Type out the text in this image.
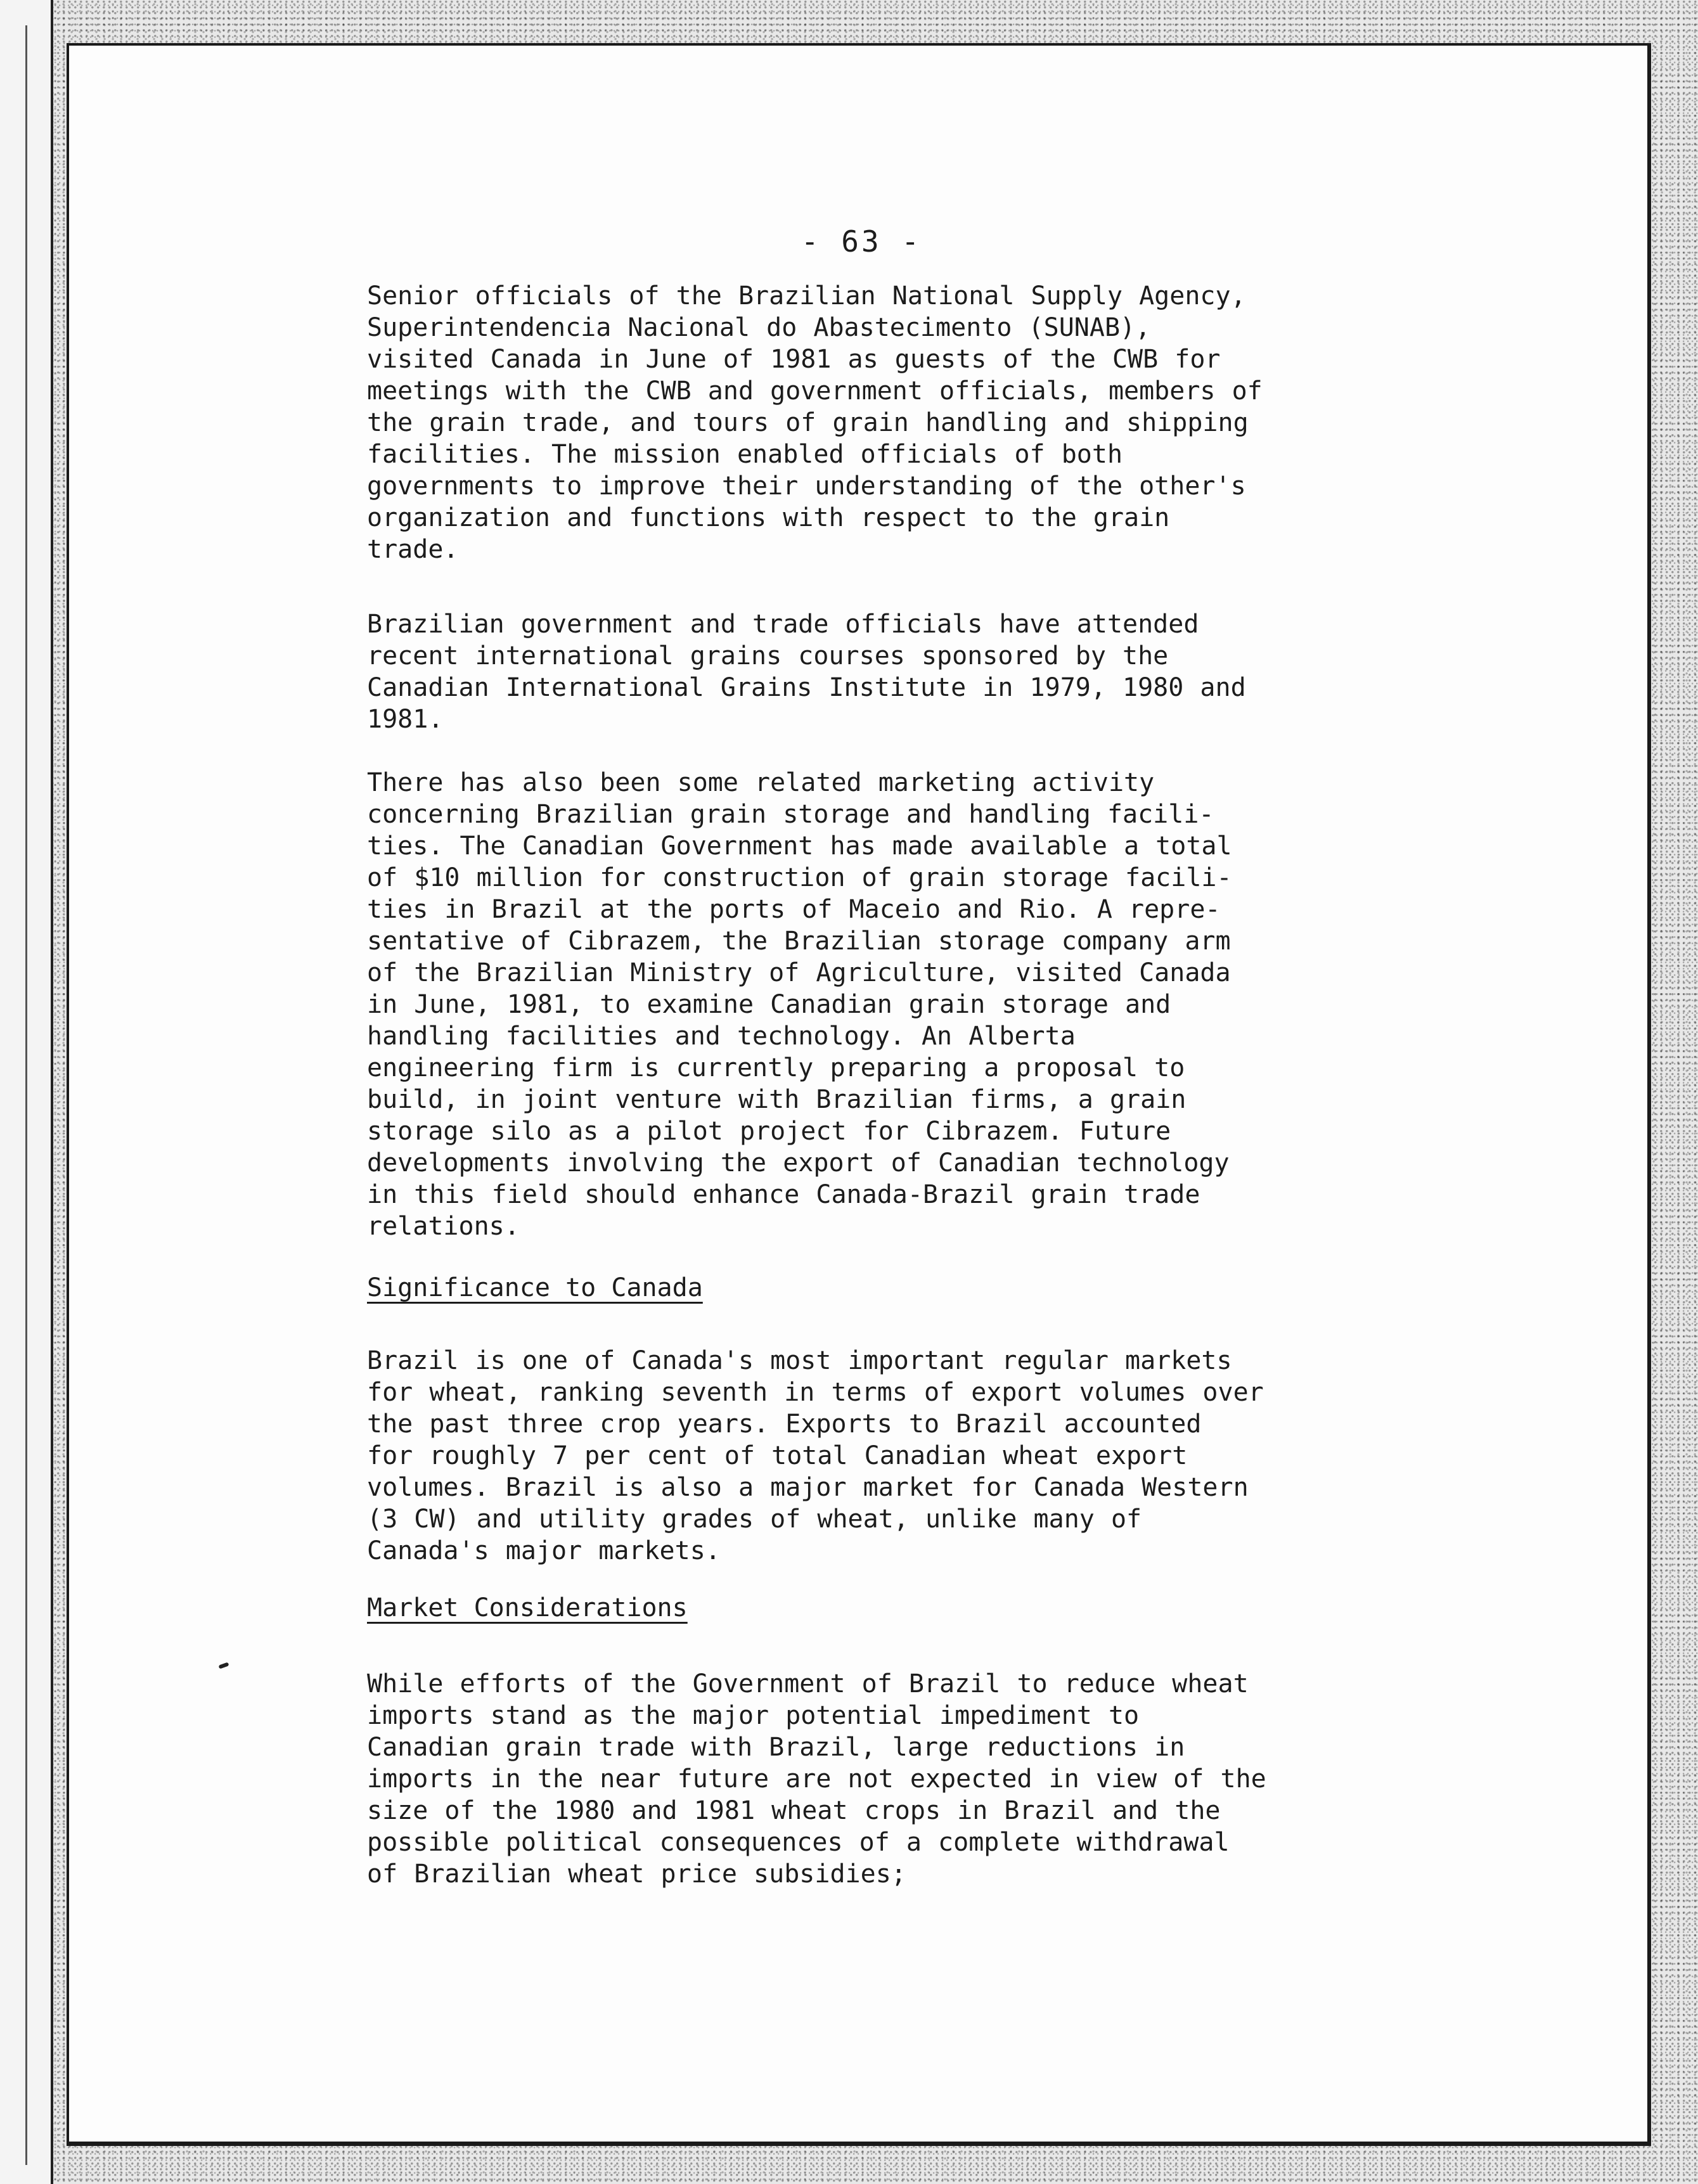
- 63 -

Senior officials of the Brazilian National Supply Agency,
Superintendencia Nacional do Abastecimento (SUNAB),
visited Canada in June of 1981 as guests of the CWB for
meetings with the CWB and government officials, members of
the grain trade, and tours of grain handling and shipping
facilities. The mission enabled officials of both
governments to improve their understanding of the other's
organization and functions with respect to the grain
trade.

Brazilian government and trade officials have attended
recent international grains courses sponsored by the
Canadian International Grains Institute in 1979, 1980 and
1981.

There has also been some related marketing activity
concerning Brazilian grain storage and handling facili-
ties. The Canadian Government has made available a total
of $10 million for construction of grain storage facili-
ties in Brazil at the ports of Maceio and Rio. A repre-
sentative of Cibrazem, the Brazilian storage company arm
of the Brazilian Ministry of Agriculture, visited Canada
in June, 1981, to examine Canadian grain storage and
handling facilities and technology. An Alberta
engineering firm is currently preparing a proposal to
build, in joint venture with Brazilian firms, a grain
storage silo as a pilot project for Cibrazem. Future
developments involving the export of Canadian technology
in this field should enhance Canada-Brazil grain trade
relations.

Significance to Canada

Brazil is one of Canada's most important regular markets
for wheat, ranking seventh in terms of export volumes over
the past three crop years. Exports to Brazil accounted
for roughly 7 per cent of total Canadian wheat export
volumes. Brazil is also a major market for Canada Western
(3 CW) and utility grades of wheat, unlike many of
Canada's major markets.

Market Considerations

While efforts of the Government of Brazil to reduce wheat
imports stand as the major potential impediment to
Canadian grain trade with Brazil, large reductions in
imports in the near future are not expected in view of the
size of the 1980 and 1981 wheat crops in Brazil and the
possible political consequences of a complete withdrawal
of Brazilian wheat price subsidies;
